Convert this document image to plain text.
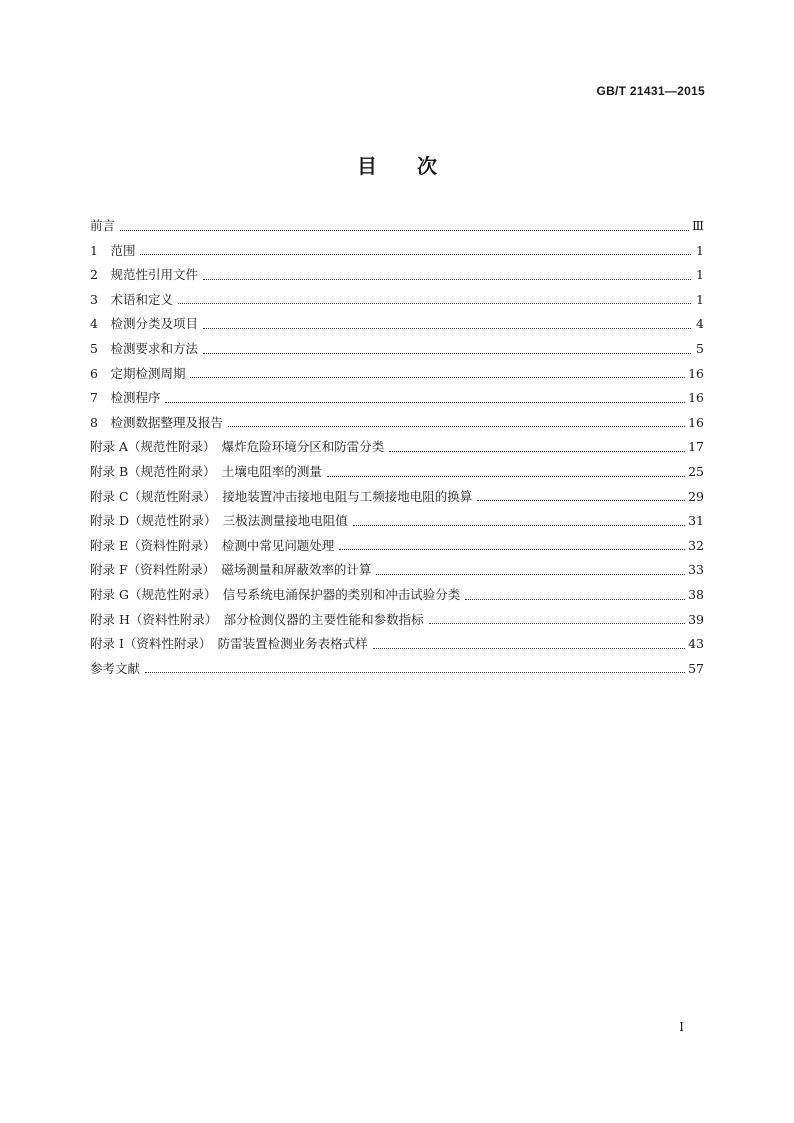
GB/T 21431—2015
目　　次
前言	Ⅲ
1　范围	1
2　规范性引用文件	1
3　术语和定义	1
4　检测分类及项目	4
5　检测要求和方法	5
6　定期检测周期	16
7　检测程序	16
8　检测数据整理及报告	16
附录 A（规范性附录）　爆炸危险环境分区和防雷分类	17
附录 B（规范性附录）　土壤电阻率的测量	25
附录 C（规范性附录）　接地装置冲击接地电阻与工频接地电阻的换算	29
附录 D（规范性附录）　三极法测量接地电阻值	31
附录 E（资料性附录）　检测中常见问题处理	32
附录 F（资料性附录）　磁场测量和屏蔽效率的计算	33
附录 G（规范性附录）　信号系统电涌保护器的类别和冲击试验分类	38
附录 H（资料性附录）　部分检测仪器的主要性能和参数指标	39
附录 I（资料性附录）　防雷装置检测业务表格式样	43
参考文献	57
I
